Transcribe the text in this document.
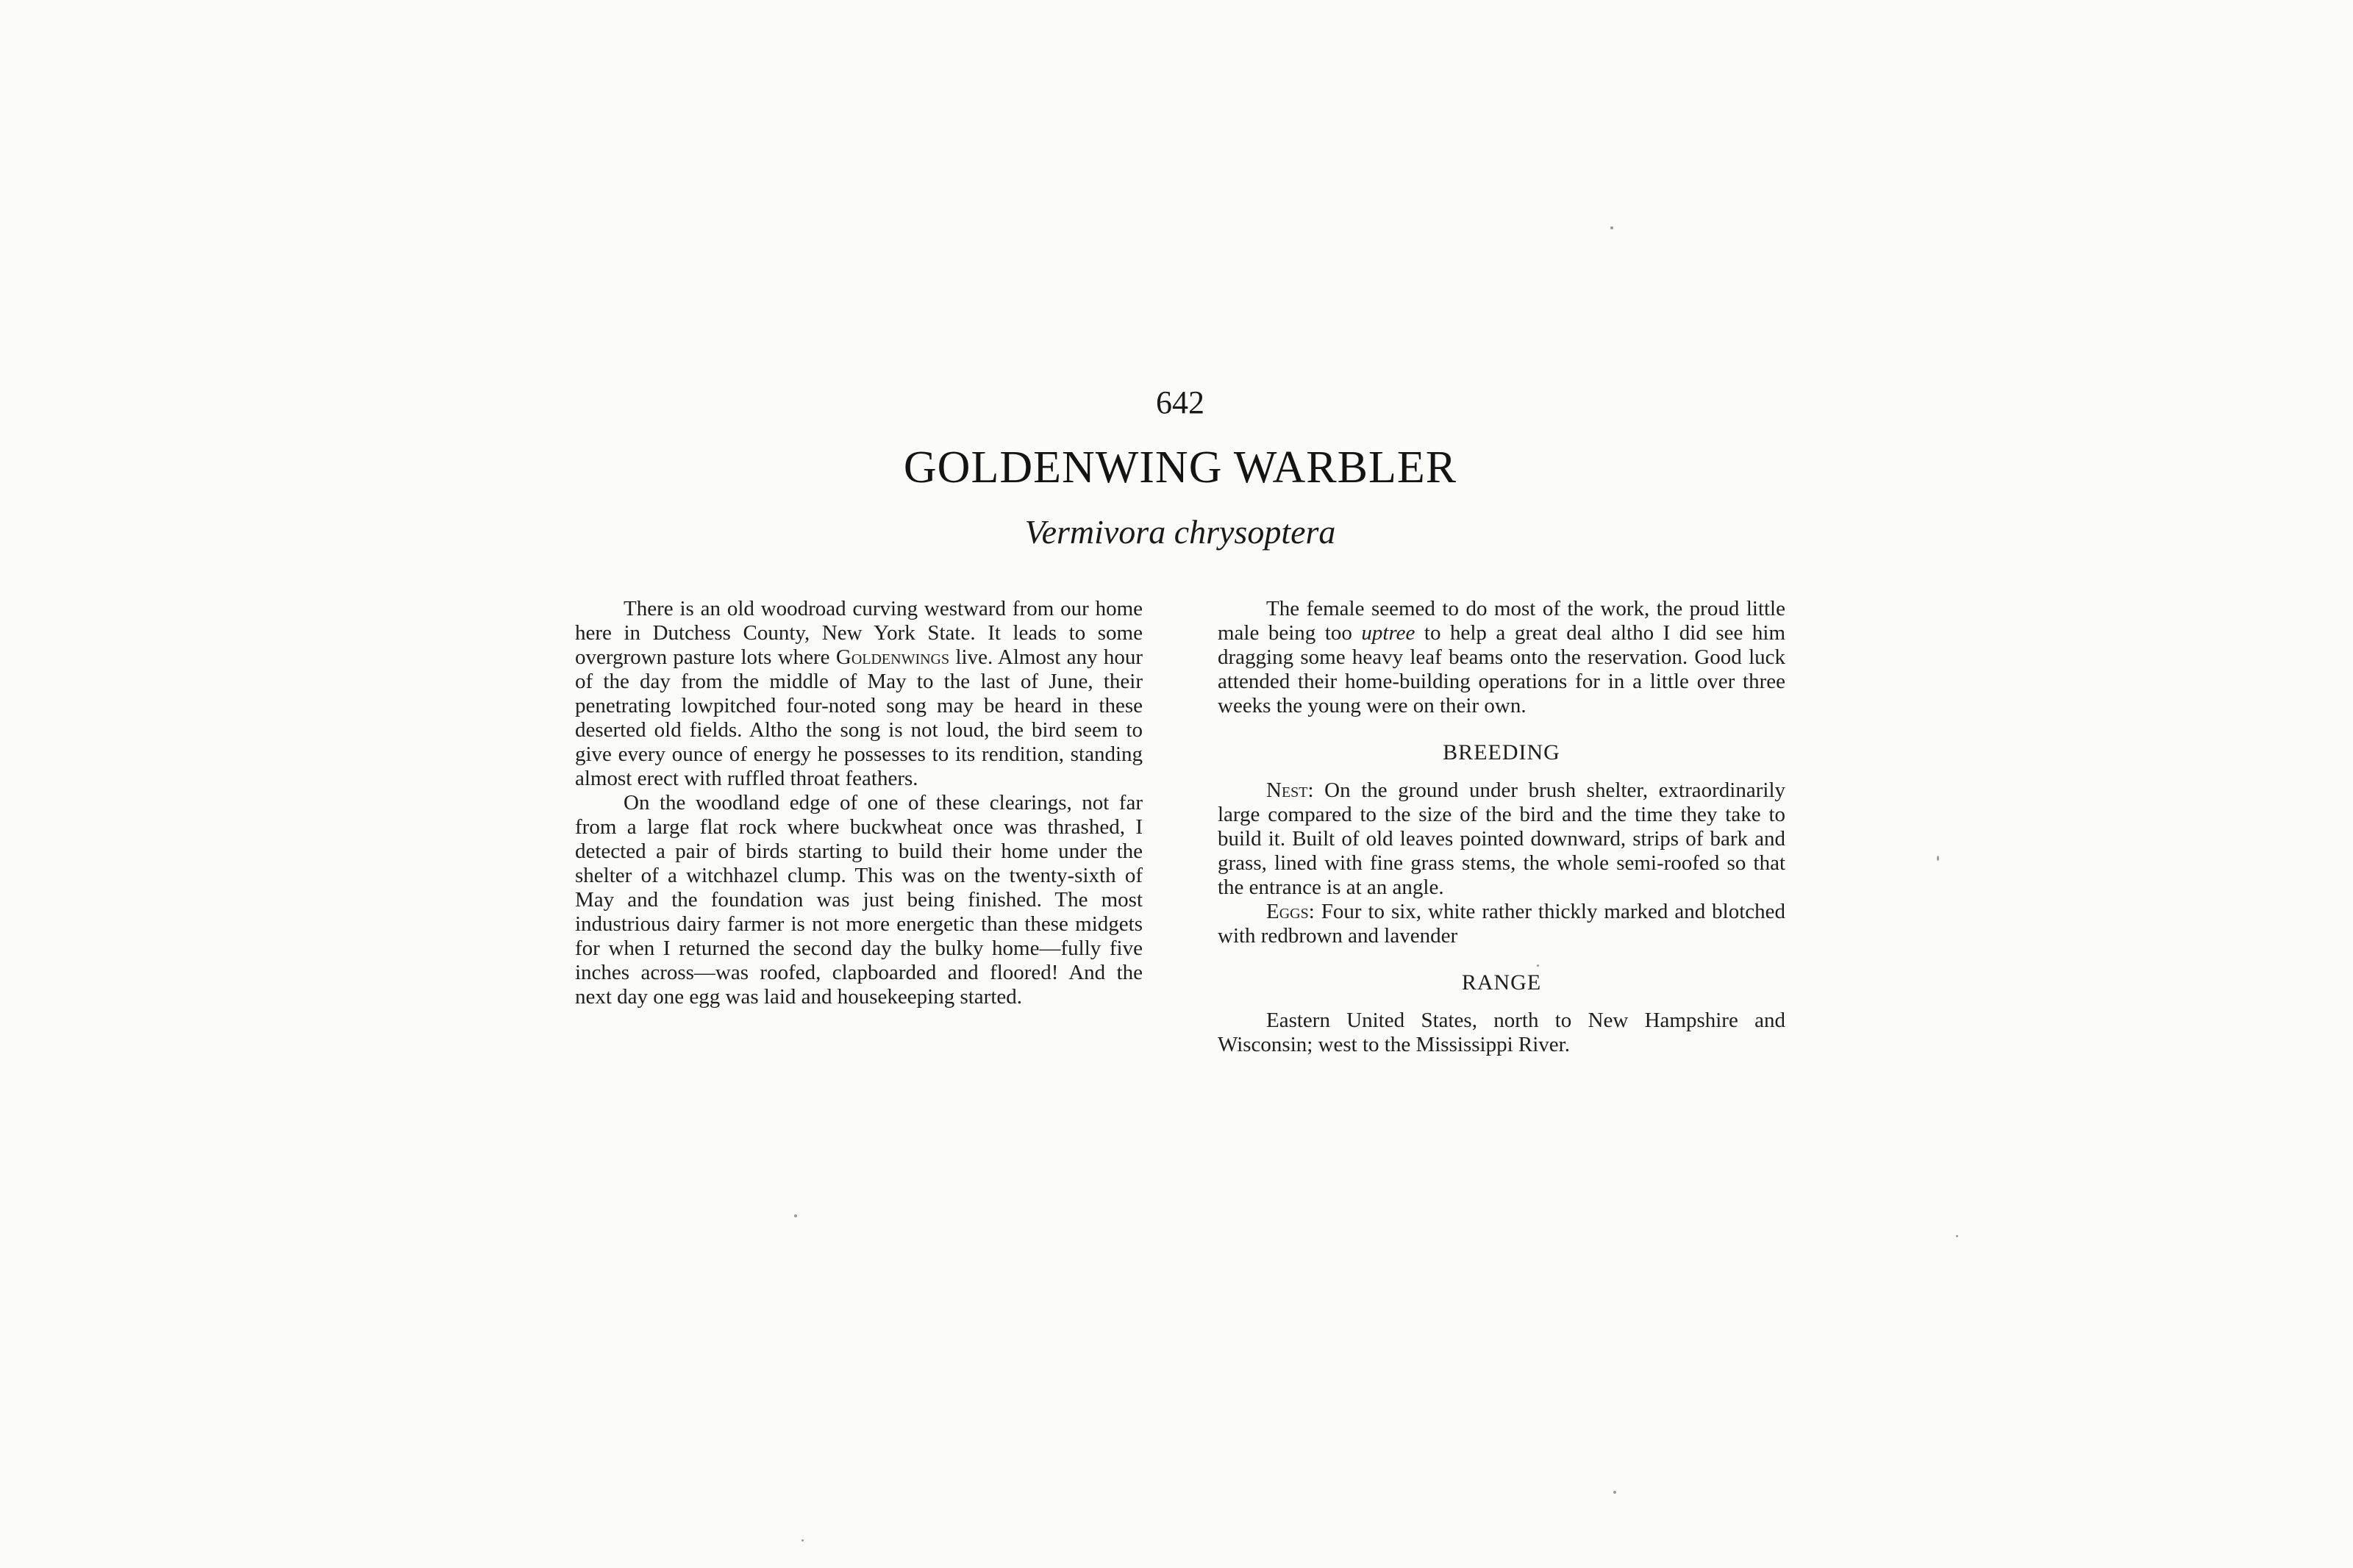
642
GOLDENWING WARBLER
Vermivora chrysoptera

There is an old woodroad curving westward from our home here in Dutchess County, New York State. It leads to some overgrown pasture lots where Goldenwings live. Almost any hour of the day from the middle of May to the last of June, their penetrating lowpitched four-noted song may be heard in these deserted old fields. Altho the song is not loud, the bird seem to give every ounce of energy he possesses to its rendition, standing almost erect with ruffled throat feathers.

On the woodland edge of one of these clearings, not far from a large flat rock where buckwheat once was thrashed, I detected a pair of birds starting to build their home under the shelter of a witchhazel clump. This was on the twenty-sixth of May and the foundation was just being finished. The most industrious dairy farmer is not more energetic than these midgets for when I returned the second day the bulky home—fully five inches across—was roofed, clapboarded and floored! And the next day one egg was laid and housekeeping started.

The female seemed to do most of the work, the proud little male being too uptree to help a great deal altho I did see him dragging some heavy leaf beams onto the reservation. Good luck attended their home-building operations for in a little over three weeks the young were on their own.

BREEDING

Nest: On the ground under brush shelter, extraordinarily large compared to the size of the bird and the time they take to build it. Built of old leaves pointed downward, strips of bark and grass, lined with fine grass stems, the whole semi-roofed so that the entrance is at an angle.

Eggs: Four to six, white rather thickly marked and blotched with redbrown and lavender

RANGE

Eastern United States, north to New Hampshire and Wisconsin; west to the Mississippi River.
